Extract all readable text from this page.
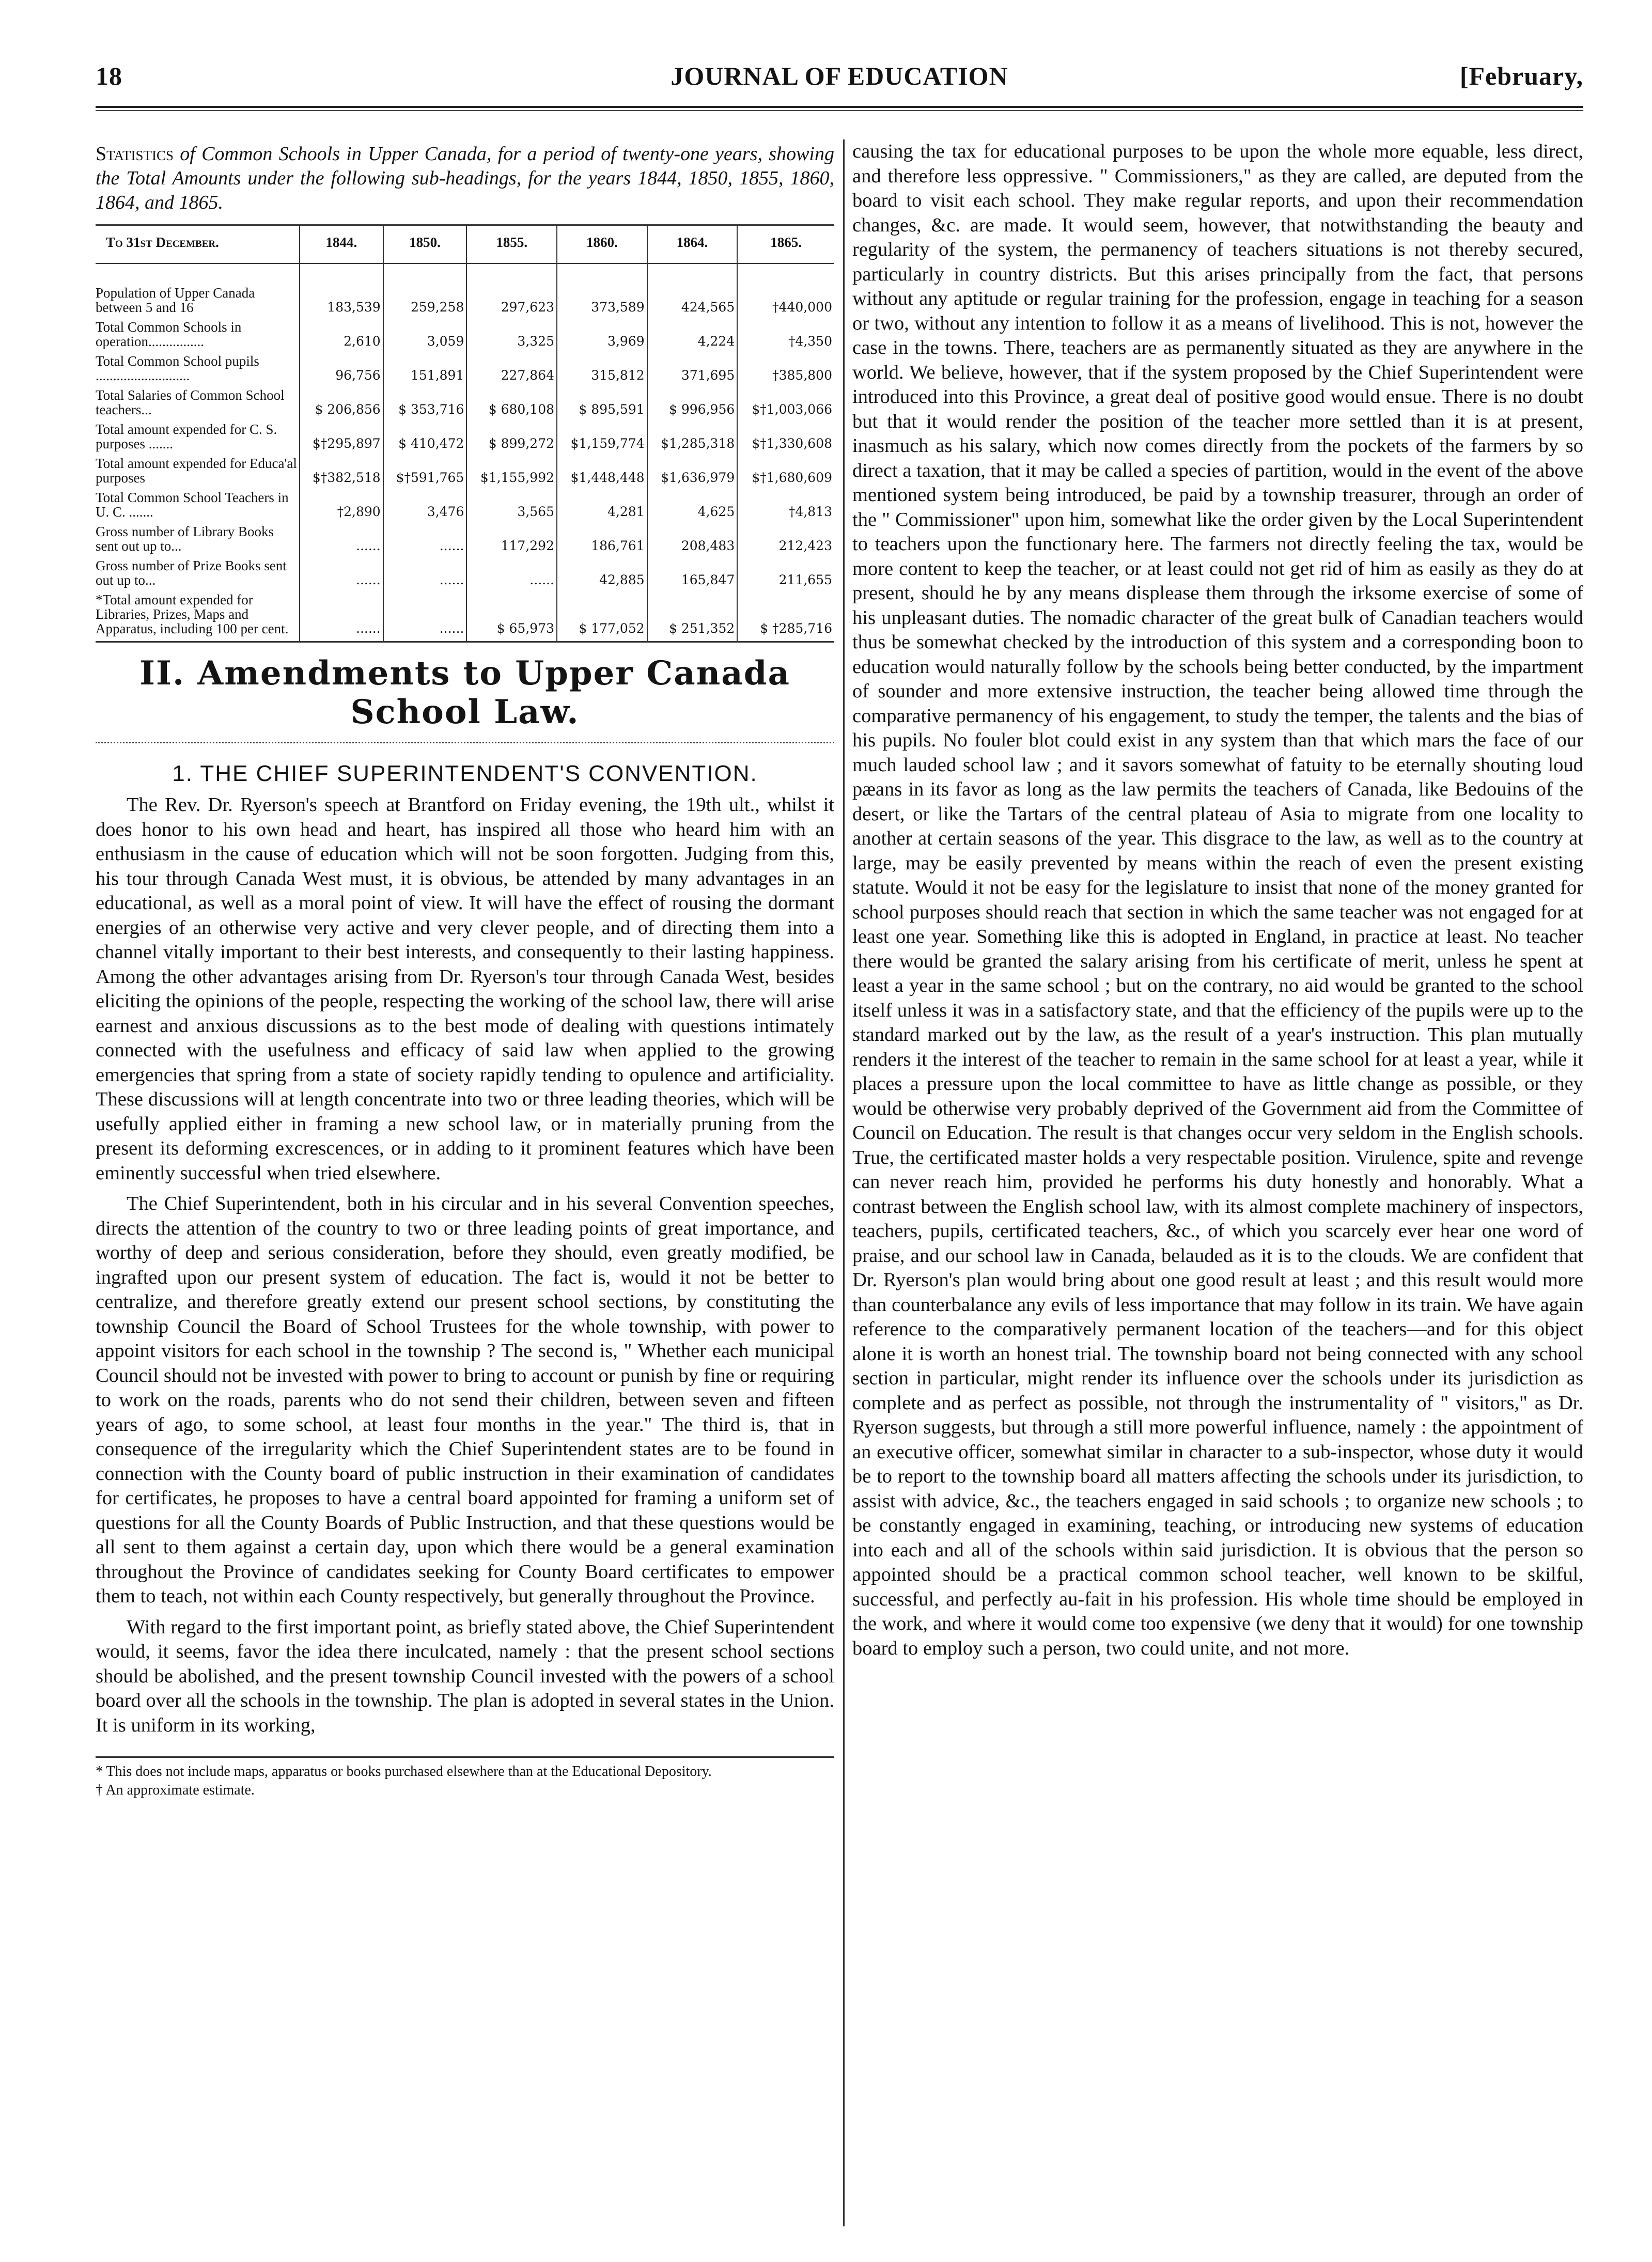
18	JOURNAL OF EDUCATION	[February,
Statistics of Common Schools in Upper Canada, for a period of twenty-one years, showing the Total Amounts under the following sub-headings, for the years 1844, 1850, 1855, 1860, 1864, and 1865.
To 31st December.	1844.	1850.	1855.	1860.	1864.	1865.
Population of Upper Canada between 5 and 16	183,539	259,258	297,623	373,589	424,565	†440,000
Total Common Schools in operation................	2,610	3,059	3,325	3,969	4,224	†4,350
Total Common School pupils ...........................	96,756	151,891	227,864	315,812	371,695	†385,800
Total Salaries of Common School teachers...	$ 206,856	$ 353,716	$ 680,108	$ 895,591	$ 996,956	$†1,003,066
Total amount expended for C. S. purposes .......	$†295,897	$ 410,472	$ 899,272	$1,159,774	$1,285,318	$†1,330,608
Total amount expended for Educa'al purposes	$†382,518	$†591,765	$1,155,992	$1,448,448	$1,636,979	$†1,680,609
Total Common School Teachers in U. C. .......	†2,890	3,476	3,565	4,281	4,625	†4,813
Gross number of Library Books sent out up to...	......	......	117,292	186,761	208,483	212,423
Gross number of Prize Books sent out up to...	......	......	......	42,885	165,847	211,655
*Total amount expended for Libraries, Prizes, Maps and Apparatus, including 100 per cent.	......	......	$ 65,973	$ 177,052	$ 251,352	$ †285,716
II. Amendments to Upper Canada School Law.
1. THE CHIEF SUPERINTENDENT'S CONVENTION.

The Rev. Dr. Ryerson's speech at Brantford on Friday evening, the 19th ult., whilst it does honor to his own head and heart, has inspired all those who heard him with an enthusiasm in the cause of education which will not be soon forgotten. Judging from this, his tour through Canada West must, it is obvious, be attended by many advantages in an educational, as well as a moral point of view. It will have the effect of rousing the dormant energies of an otherwise very active and very clever people, and of directing them into a channel vitally important to their best interests, and consequently to their lasting happiness. Among the other advantages arising from Dr. Ryerson's tour through Canada West, besides eliciting the opinions of the people, respecting the working of the school law, there will arise earnest and anxious discussions as to the best mode of dealing with questions intimately connected with the usefulness and efficacy of said law when applied to the growing emergencies that spring from a state of society rapidly tending to opulence and artificiality. These discussions will at length concentrate into two or three leading theories, which will be usefully applied either in framing a new school law, or in materially pruning from the present its deforming excrescences, or in adding to it prominent features which have been eminently successful when tried elsewhere.

The Chief Superintendent, both in his circular and in his several Convention speeches, directs the attention of the country to two or three leading points of great importance, and worthy of deep and serious consideration, before they should, even greatly modified, be ingrafted upon our present system of education. The fact is, would it not be better to centralize, and therefore greatly extend our present school sections, by constituting the township Council the Board of School Trustees for the whole township, with power to appoint visitors for each school in the township ? The second is, " Whether each municipal Council should not be invested with power to bring to account or punish by fine or requiring to work on the roads, parents who do not send their children, between seven and fifteen years of ago, to some school, at least four months in the year." The third is, that in consequence of the irregularity which the Chief Superintendent states are to be found in connection with the County board of public instruction in their examination of candidates for certificates, he proposes to have a central board appointed for framing a uniform set of questions for all the County Boards of Public Instruction, and that these questions would be all sent to them against a certain day, upon which there would be a general examination throughout the Province of candidates seeking for County Board certificates to empower them to teach, not within each County respectively, but generally throughout the Province.

With regard to the first important point, as briefly stated above, the Chief Superintendent would, it seems, favor the idea there inculcated, namely : that the present school sections should be abolished, and the present township Council invested with the powers of a school board over all the schools in the township. The plan is adopted in several states in the Union. It is uniform in its working,

* This does not include maps, apparatus or books purchased elsewhere than at the Educational Depository.
† An approximate estimate.

causing the tax for educational purposes to be upon the whole more equable, less direct, and therefore less oppressive. " Commissioners," as they are called, are deputed from the board to visit each school. They make regular reports, and upon their recommendation changes, &c. are made. It would seem, however, that notwithstanding the beauty and regularity of the system, the permanency of teachers situations is not thereby secured, particularly in country districts. But this arises principally from the fact, that persons without any aptitude or regular training for the profession, engage in teaching for a season or two, without any intention to follow it as a means of livelihood. This is not, however the case in the towns. There, teachers are as permanently situated as they are anywhere in the world. We believe, however, that if the system proposed by the Chief Superintendent were introduced into this Province, a great deal of positive good would ensue. There is no doubt but that it would render the position of the teacher more settled than it is at present, inasmuch as his salary, which now comes directly from the pockets of the farmers by so direct a taxation, that it may be called a species of partition, would in the event of the above mentioned system being introduced, be paid by a township treasurer, through an order of the " Commissioner" upon him, somewhat like the order given by the Local Superintendent to teachers upon the functionary here. The farmers not directly feeling the tax, would be more content to keep the teacher, or at least could not get rid of him as easily as they do at present, should he by any means displease them through the irksome exercise of some of his unpleasant duties. The nomadic character of the great bulk of Canadian teachers would thus be somewhat checked by the introduction of this system and a corresponding boon to education would naturally follow by the schools being better conducted, by the impartment of sounder and more extensive instruction, the teacher being allowed time through the comparative permanency of his engagement, to study the temper, the talents and the bias of his pupils. No fouler blot could exist in any system than that which mars the face of our much lauded school law ; and it savors somewhat of fatuity to be eternally shouting loud pæans in its favor as long as the law permits the teachers of Canada, like Bedouins of the desert, or like the Tartars of the central plateau of Asia to migrate from one locality to another at certain seasons of the year. This disgrace to the law, as well as to the country at large, may be easily prevented by means within the reach of even the present existing statute. Would it not be easy for the legislature to insist that none of the money granted for school purposes should reach that section in which the same teacher was not engaged for at least one year. Something like this is adopted in England, in practice at least. No teacher there would be granted the salary arising from his certificate of merit, unless he spent at least a year in the same school ; but on the contrary, no aid would be granted to the school itself unless it was in a satisfactory state, and that the efficiency of the pupils were up to the standard marked out by the law, as the result of a year's instruction. This plan mutually renders it the interest of the teacher to remain in the same school for at least a year, while it places a pressure upon the local committee to have as little change as possible, or they would be otherwise very probably deprived of the Government aid from the Committee of Council on Education. The result is that changes occur very seldom in the English schools. True, the certificated master holds a very respectable position. Virulence, spite and revenge can never reach him, provided he performs his duty honestly and honorably. What a contrast between the English school law, with its almost complete machinery of inspectors, teachers, pupils, certificated teachers, &c., of which you scarcely ever hear one word of praise, and our school law in Canada, belauded as it is to the clouds. We are confident that Dr. Ryerson's plan would bring about one good result at least ; and this result would more than counterbalance any evils of less importance that may follow in its train. We have again reference to the comparatively permanent location of the teachers—and for this object alone it is worth an honest trial. The township board not being connected with any school section in particular, might render its influence over the schools under its jurisdiction as complete and as perfect as possible, not through the instrumentality of " visitors," as Dr. Ryerson suggests, but through a still more powerful influence, namely : the appointment of an executive officer, somewhat similar in character to a sub-inspector, whose duty it would be to report to the township board all matters affecting the schools under its jurisdiction, to assist with advice, &c., the teachers engaged in said schools ; to organize new schools ; to be constantly engaged in examining, teaching, or introducing new systems of education into each and all of the schools within said jurisdiction. It is obvious that the person so appointed should be a practical common school teacher, well known to be skilful, successful, and perfectly au-fait in his profession. His whole time should be employed in the work, and where it would come too expensive (we deny that it would) for one township board to employ such a person, two could unite, and not more.
